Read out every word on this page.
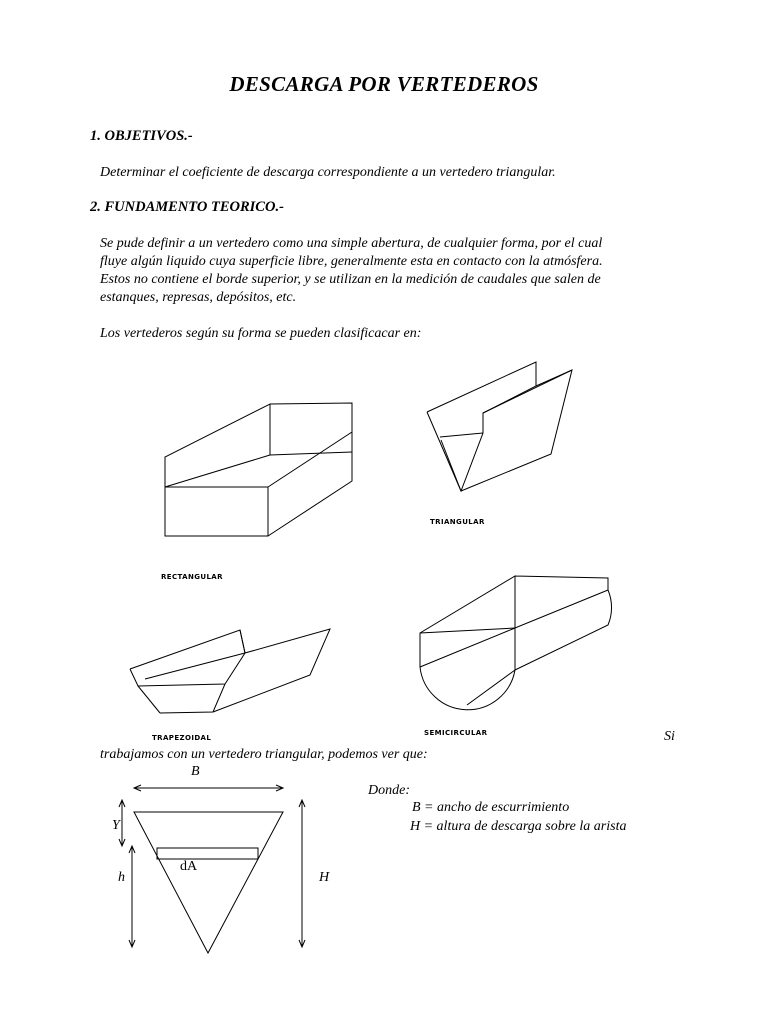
DESCARGA POR VERTEDEROS
1. OBJETIVOS.-
Determinar el coeficiente de descarga correspondiente a un vertedero triangular.
2. FUNDAMENTO TEORICO.-
Se pude definir a un vertedero como una simple abertura, de cualquier forma, por el cual
fluye algún liquido cuya superficie libre, generalmente esta en contacto con la atmósfera.
Estos no contiene el borde superior, y se utilizan en la medición de caudales que salen de
estanques, represas, depósitos, etc.
Los vertederos según su forma se pueden clasificacar en:
RECTANGULAR
TRIANGULAR
TRAPEZOIDAL
SEMICIRCULAR	Si
trabajamos con un vertedero triangular, podemos ver que:
B
Y
dA
h	H
Donde:
B = ancho de escurrimiento
H = altura de descarga sobre la arista
